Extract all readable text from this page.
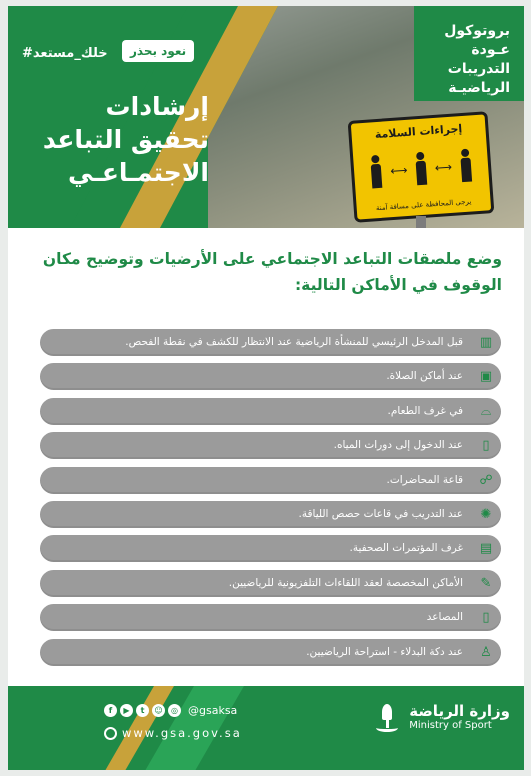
#خلك_مستعد	نعود بحذر
بروتوكول
عـودة
التدريبات
الرياضيـة
إرشادات
تحقيق التباعد
الاجتمـاعـي
إجراءات السلامة
⟷ ⟷
يرجى المحافظة على مسافة آمنة
وضع ملصقات التباعد الاجتماعي على الأرضيات وتوضيح مكان
الوقوف في الأماكن التالية:
قبل المدخل الرئيسي للمنشأة الرياضية عند الانتظار للكشف في نقطة الفحص.	▥
عند أماكن الصلاة.	▣
في غرف الطعام.	⌓
عند الدخول إلى دورات المياه.	▯
قاعة المحاضرات.	☍
عند التدريب في قاعات حصص اللياقة.	✺
غرف المؤتمرات الصحفية.	▤
الأماكن المخصصة لعقد اللقاءات التلفزيونية للرياضيين.	✎
المصاعد	▯
عند دكة البدلاء - استراحة الرياضيين.	♙
f	▶	t	☺	◎ @gsaksa
www.gsa.gov.sa
وزارة الرياضة
Ministry of Sport
